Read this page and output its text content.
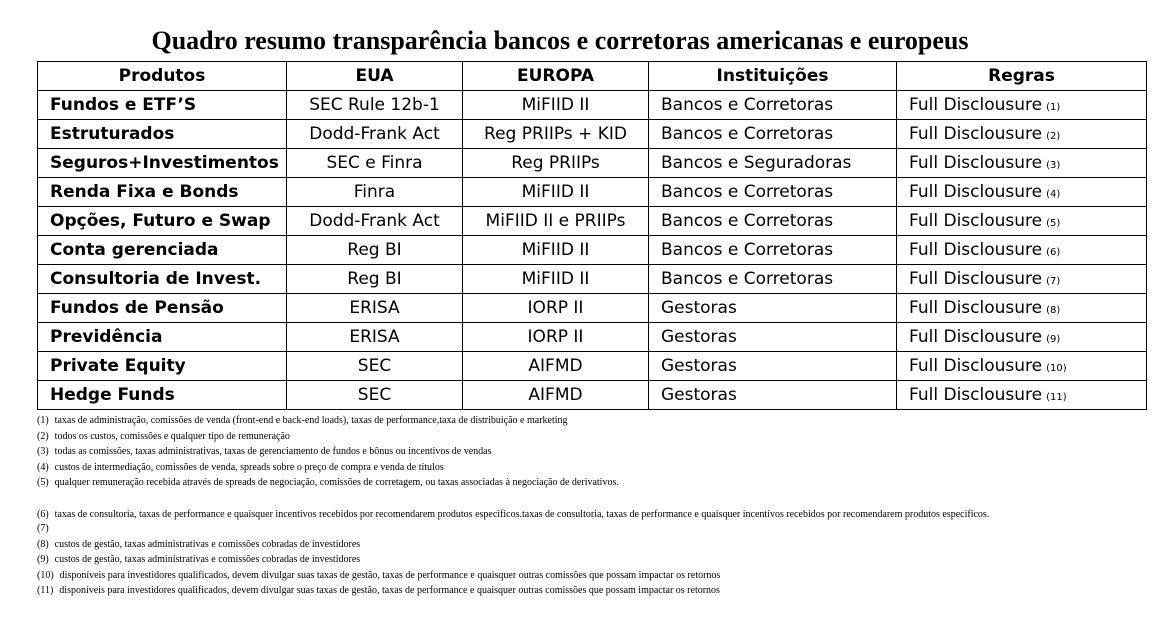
Quadro resumo transparência bancos e corretoras americanas e europeus
Produtos	EUA	EUROPA	Instituições	Regras
Fundos e ETF’S	SEC Rule 12b-1	MiFIID II	Bancos e Corretoras	Full Disclousure (1)
Estruturados	Dodd-Frank Act	Reg PRIIPs + KID	Bancos e Corretoras	Full Disclousure (2)
Seguros+Investimentos	SEC e Finra	Reg PRIIPs	Bancos e Seguradoras	Full Disclousure (3)
Renda Fixa e Bonds	Finra	MiFIID II	Bancos e Corretoras	Full Disclousure (4)
Opções, Futuro e Swap	Dodd-Frank Act	MiFIID II e PRIIPs	Bancos e Corretoras	Full Disclousure (5)
Conta gerenciada	Reg BI	MiFIID II	Bancos e Corretoras	Full Disclousure (6)
Consultoria de Invest.	Reg BI	MiFIID II	Bancos e Corretoras	Full Disclousure (7)
Fundos de Pensão	ERISA	IORP II	Gestoras	Full Disclousure (8)
Previdência	ERISA	IORP II	Gestoras	Full Disclousure (9)
Private Equity	SEC	AIFMD	Gestoras	Full Disclousure (10)
Hedge Funds	SEC	AIFMD	Gestoras	Full Disclousure (11)
(1) taxas de administração, comissões de venda (front-end e back-end loads), taxas de performance,taxa de distribuição e marketing
(2) todos os custos, comissões e qualquer tipo de remuneração
(3) todas as comissões, taxas administrativas, taxas de gerenciamento de fundos e bônus ou incentivos de vendas
(4) custos de intermediação, comissões de venda, spreads sobre o preço de compra e venda de títulos
(5) qualquer remuneração recebida através de spreads de negociação, comissões de corretagem, ou taxas associadas à negociação de derivativos.
(6) taxas de consultoria, taxas de performance e quaisquer incentivos recebidos por recomendarem produtos específicos.taxas de consultoria, taxas de performance e quaisquer incentivos recebidos por recomendarem produtos específicos.
(7)
(8) custos de gestão, taxas administrativas e comissões cobradas de investidores
(9) custos de gestão, taxas administrativas e comissões cobradas de investidores
(10) disponíveis para investidores qualificados, devem divulgar suas taxas de gestão, taxas de performance e quaisquer outras comissões que possam impactar os retornos
(11) disponíveis para investidores qualificados, devem divulgar suas taxas de gestão, taxas de performance e quaisquer outras comissões que possam impactar os retornos
